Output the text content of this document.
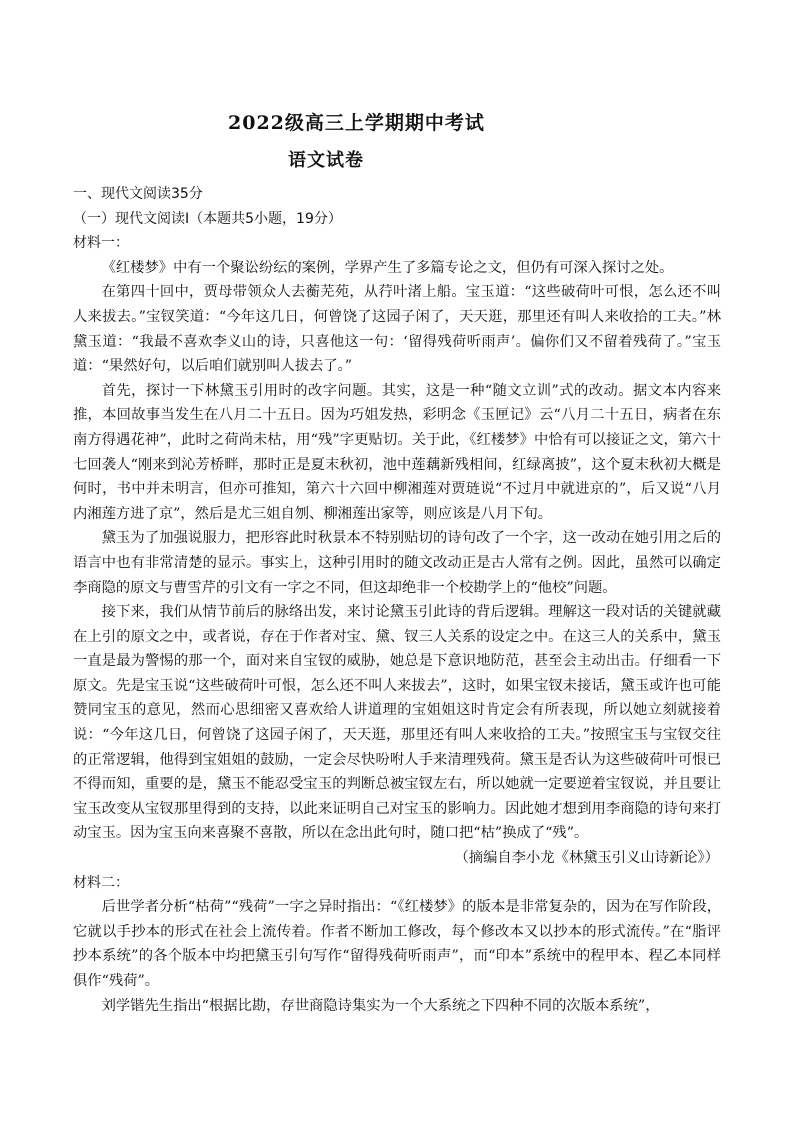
2022级高三上学期期中考试
语文试卷

一、现代文阅读35分

（一）现代文阅读Ⅰ（本题共5小题，19分）

材料一：

《红楼梦》中有一个聚讼纷纭的案例，学界产生了多篇专论之文，但仍有可深入探讨之处。

在第四十回中，贾母带领众人去蘅芜苑，从荇叶渚上船。宝玉道：“这些破荷叶可恨，怎么还不叫人来拔去。”宝钗笑道：“今年这几日，何曾饶了这园子闲了，天天逛，那里还有叫人来收拾的工夫。”林黛玉道：“我最不喜欢李义山的诗，只喜他这一句：‘留得残荷听雨声’。偏你们又不留着残荷了。”宝玉道：“果然好句，以后咱们就别叫人拔去了。”

首先，探讨一下林黛玉引用时的改字问题。其实，这是一种“随文立训”式的改动。据文本内容来推，本回故事当发生在八月二十五日。因为巧姐发热，彩明念《玉匣记》云“八月二十五日，病者在东南方得遇花神”，此时之荷尚未枯，用“残”字更贴切。关于此，《红楼梦》中恰有可以接证之文，第六十七回袭人“刚来到沁芳桥畔，那时正是夏末秋初，池中莲藕新残相间，红绿离披”，这个夏末秋初大概是何时，书中并未明言，但亦可推知，第六十六回中柳湘莲对贾琏说“不过月中就进京的”，后又说“八月内湘莲方进了京”，然后是尤三姐自刎、柳湘莲出家等，则应该是八月下旬。

黛玉为了加强说服力，把形容此时秋景本不特别贴切的诗句改了一个字，这一改动在她引用之后的语言中也有非常清楚的显示。事实上，这种引用时的随文改动正是古人常有之例。因此，虽然可以确定李商隐的原文与曹雪芹的引文有一字之不同，但这却绝非一个校勘学上的“他校”问题。

接下来，我们从情节前后的脉络出发，来讨论黛玉引此诗的背后逻辑。理解这一段对话的关键就藏在上引的原文之中，或者说，存在于作者对宝、黛、钗三人关系的设定之中。在这三人的关系中，黛玉一直是最为警惕的那一个，面对来自宝钗的威胁，她总是下意识地防范，甚至会主动出击。仔细看一下原文。先是宝玉说“这些破荷叶可恨，怎么还不叫人来拔去”，这时，如果宝钗未接话，黛玉或许也可能赞同宝玉的意见，然而心思细密又喜欢给人讲道理的宝姐姐这时肯定会有所表现，所以她立刻就接着说：“今年这几日，何曾饶了这园子闲了，天天逛，那里还有叫人来收拾的工夫。”按照宝玉与宝钗交往的正常逻辑，他得到宝姐姐的鼓励，一定会尽快吩咐人手来清理残荷。黛玉是否认为这些破荷叶可恨已不得而知，重要的是，黛玉不能忍受宝玉的判断总被宝钗左右，所以她就一定要逆着宝钗说，并且要让宝玉改变从宝钗那里得到的支持，以此来证明自己对宝玉的影响力。因此她才想到用李商隐的诗句来打动宝玉。因为宝玉向来喜聚不喜散，所以在念出此句时，随口把“枯”换成了“残”。

（摘编自李小龙《林黛玉引义山诗新论》）

材料二：

后世学者分析“枯荷”“残荷”一字之异时指出：“《红楼梦》的版本是非常复杂的，因为在写作阶段，它就以手抄本的形式在社会上流传着。作者不断加工修改，每个修改本又以抄本的形式流传。”在“脂评抄本系统”的各个版本中均把黛玉引句写作“留得残荷听雨声”，而“印本”系统中的程甲本、程乙本同样俱作“残荷”。

刘学锴先生指出“根据比勘，存世商隐诗集实为一个大系统之下四种不同的次版本系统”，
